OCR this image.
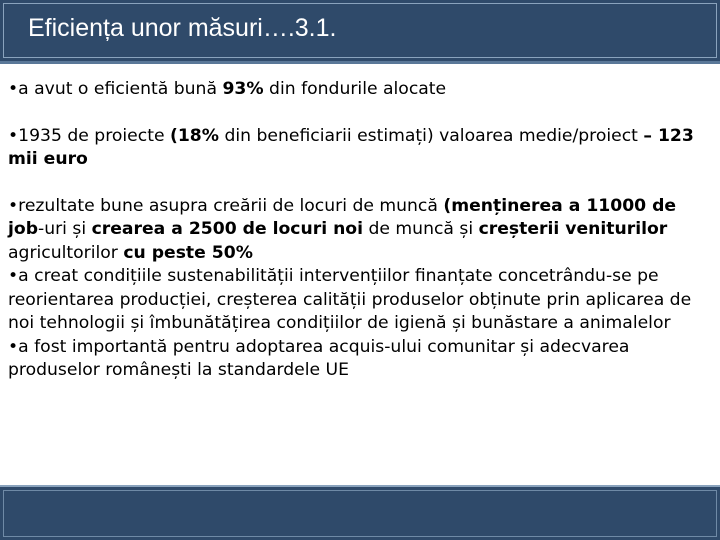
Eficiența unor măsuri….3.1.

•a avut o eficientă bună 93% din fondurile alocate

•1935 de proiecte (18% din beneficiarii estimați) valoarea medie/proiect – 123 mii euro

•rezultate bune asupra creării de locuri de muncă (menținerea a 11000 de job-uri și crearea a 2500 de locuri noi de muncă și creșterii veniturilor agricultorilor cu peste 50%

•a creat condițiile sustenabilității intervențiilor finanțate concetrându-se pe reorientarea producției, creșterea calității produselor obținute prin aplicarea de noi tehnologii și îmbunătățirea condițiilor de igienă și bunăstare a animalelor

•a fost importantă pentru adoptarea acquis-ului comunitar și adecvarea produselor românești la standardele UE
